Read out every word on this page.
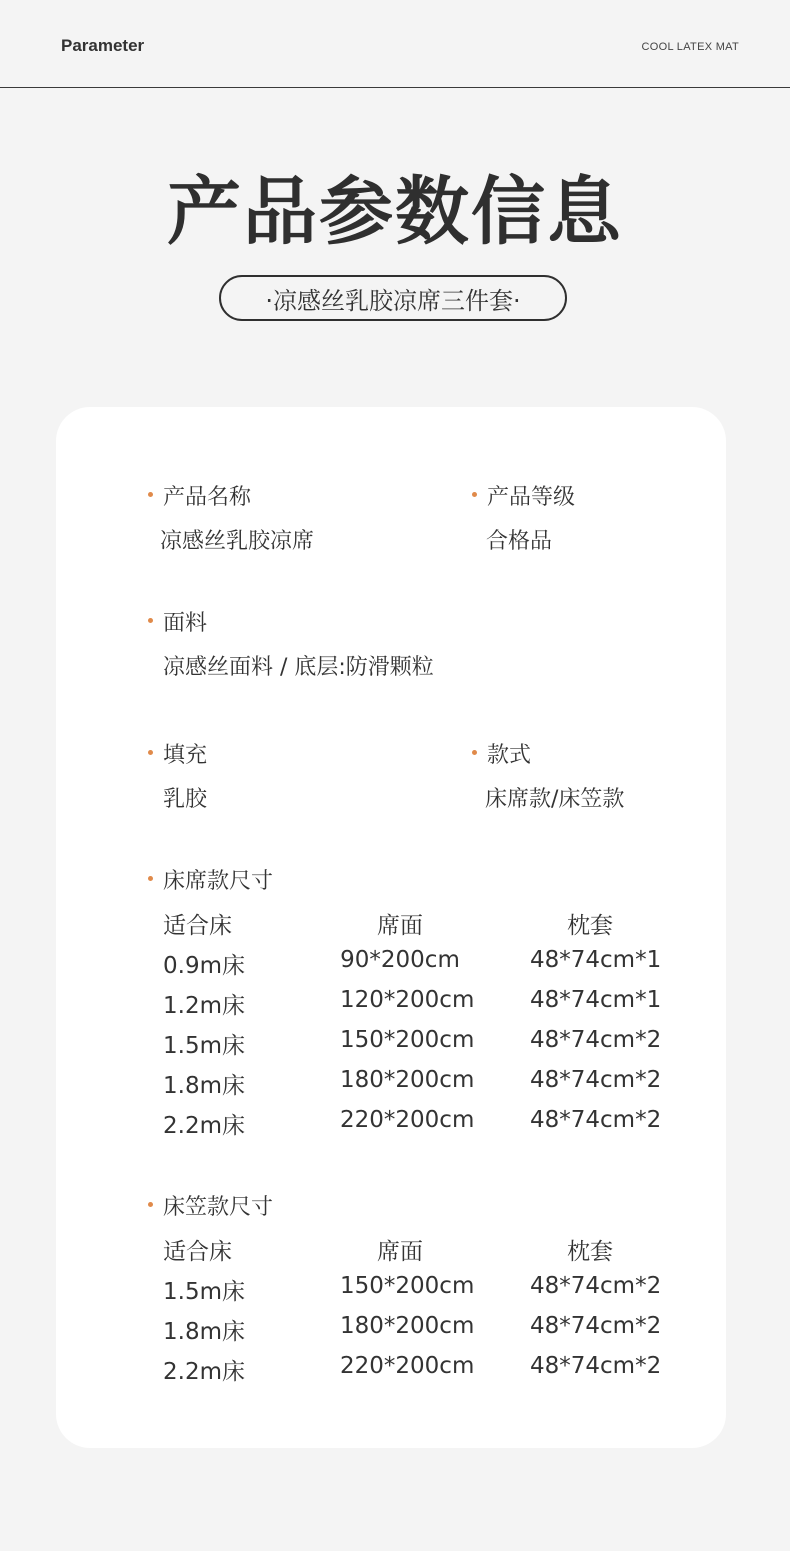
Parameter	COOL LATEX MAT
产品参数信息
·凉感丝乳胶凉席三件套·
产品名称
凉感丝乳胶凉席
产品等级
合格品
面料
凉感丝面料 / 底层:防滑颗粒
填充
乳胶
款式
床席款/床笠款
床席款尺寸
适合床	席面	枕套
0.9m床	90*200cm	48*74cm*1
1.2m床	120*200cm 48*74cm*1
1.5m床	150*200cm 48*74cm*2
1.8m床	180*200cm 48*74cm*2
2.2m床	220*200cm 48*74cm*2
床笠款尺寸
适合床	席面	枕套
1.5m床	150*200cm 48*74cm*2
1.8m床	180*200cm 48*74cm*2
2.2m床	220*200cm 48*74cm*2
